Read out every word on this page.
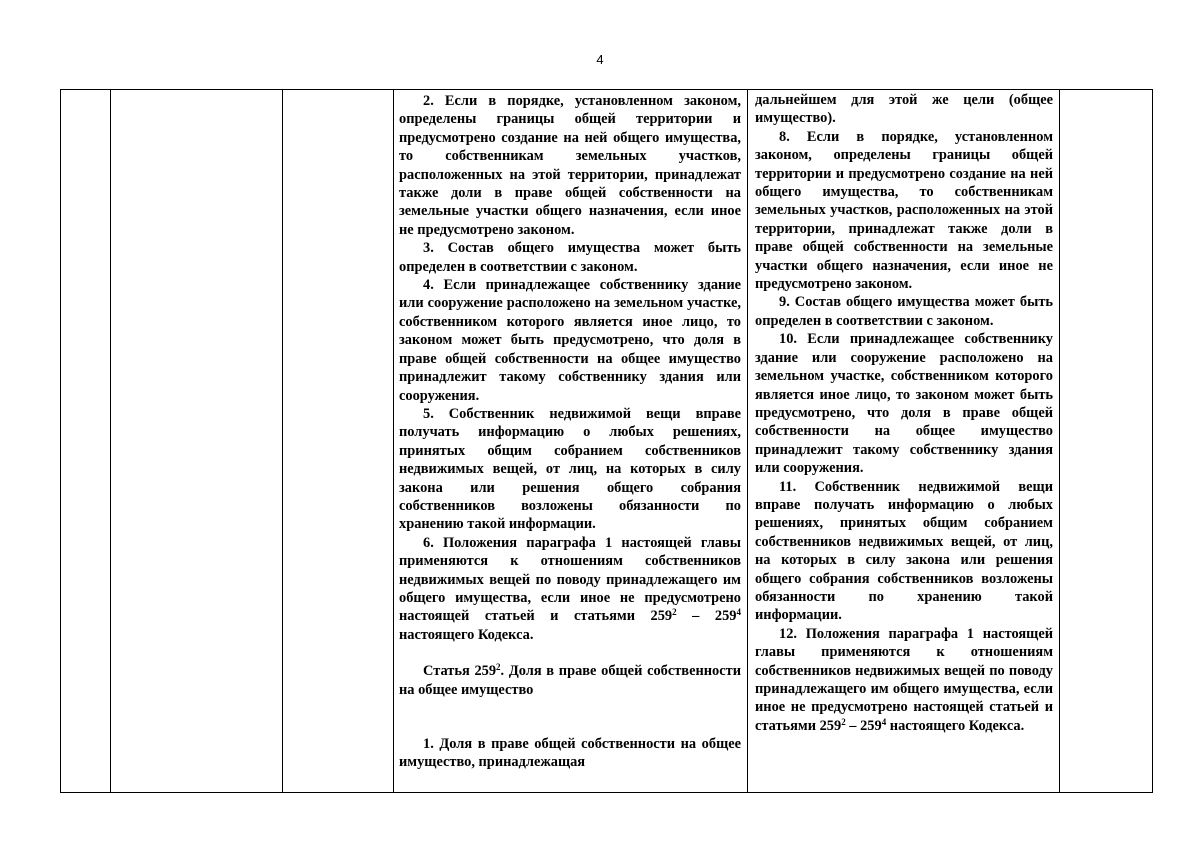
4

2. Если в порядке, установленном законом, определены границы общей территории и предусмотрено создание на ней общего имущества, то собственникам земельных участков, расположенных на этой территории, принадлежат также доли в праве общей собственности на земельные участки общего назначения, если иное не предусмотрено законом.

3. Состав общего имущества может быть определен в соответствии с законом.

4. Если принадлежащее собственнику здание или сооружение расположено на земельном участке, собственником которого является иное лицо, то законом может быть предусмотрено, что доля в праве общей собственности на общее имущество принадлежит такому собственнику здания или сооружения.

5. Собственник недвижимой вещи вправе получать информацию о любых решениях, принятых общим собранием собственников недвижимых вещей, от лиц, на которых в силу закона или решения общего собрания собственников возложены обязанности по хранению такой информации.

6. Положения параграфа 1 настоящей главы применяются к отношениям собственников недвижимых вещей по поводу принадлежащего им общего имущества, если иное не предусмотрено настоящей статьей и статьями $259^2 - 259^4$ настоящего Кодекса.

Статья $259^2$. Доля в праве общей собственности на общее имущество

1. Доля в праве общей собственности на общее имущество, принадлежащая

дальнейшем для этой же цели (общее имущество).

8. Если в порядке, установленном законом, определены границы общей территории и предусмотрено создание на ней общего имущества, то собственникам земельных участков, расположенных на этой территории, принадлежат также доли в праве общей собственности на земельные участки общего назначения, если иное не предусмотрено законом.

9. Состав общего имущества может быть определен в соответствии с законом.

10. Если принадлежащее собственнику здание или сооружение расположено на земельном участке, собственником которого является иное лицо, то законом может быть предусмотрено, что доля в праве общей собственности на общее имущество принадлежит такому собственнику здания или сооружения.

11. Собственник недвижимой вещи вправе получать информацию о любых решениях, принятых общим собранием собственников недвижимых вещей, от лиц, на которых в силу закона или решения общего собрания собственников возложены обязанности по хранению такой информации.

12. Положения параграфа 1 настоящей главы применяются к отношениям собственников недвижимых вещей по поводу принадлежащего им общего имущества, если иное не предусмотрено настоящей статьей и статьями $259^2 - 259^4$ настоящего Кодекса.
